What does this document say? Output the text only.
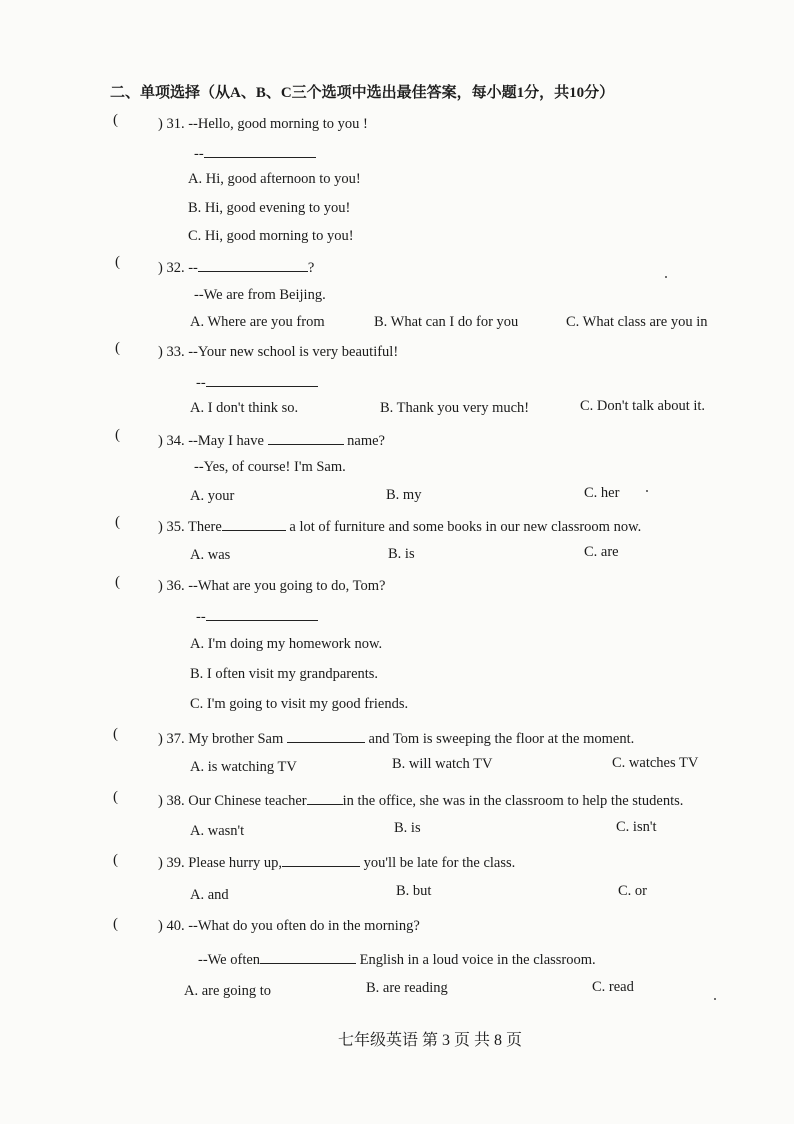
二、单项选择（从A、B、C三个选项中选出最佳答案，每小题1分，共10分）
(	) 31. --Hello, good morning to you !
--
A. Hi, good afternoon to you!
B. Hi, good evening to you!
C. Hi, good morning to you!
(	) 32. --	?
--We are from Beijing.
A. Where are you from	B. What can I do for you	C. What class are you in
(	) 33. --Your new school is very beautiful!
--
A. I don't think so.	B. Thank you very much!	C. Don't talk about it.
(	) 34. --May I have	name?
--Yes, of course! I'm Sam.
A. your	B. my	C. her
(	) 35. There	a lot of furniture and some books in our new classroom now.
A. was	B. is	C. are
(	) 36. --What are you going to do, Tom?
--
A. I'm doing my homework now.
B. I often visit my grandparents.
C. I'm going to visit my good friends.
(	) 37. My brother Sam	and Tom is sweeping the floor at the moment.
A. is watching TV	B. will watch TV	C. watches TV
(	) 38. Our Chinese teacher in the office, she was in the classroom to help the students.
A. wasn't	B. is	C. isn't
(	) 39. Please hurry up,	you'll be late for the class.
A. and	B. but	C. or
(	) 40. --What do you often do in the morning?
--We often	English in a loud voice in the classroom.
A. are going to	B. are reading	C. read
七年级英语 第 3 页 共 8 页
